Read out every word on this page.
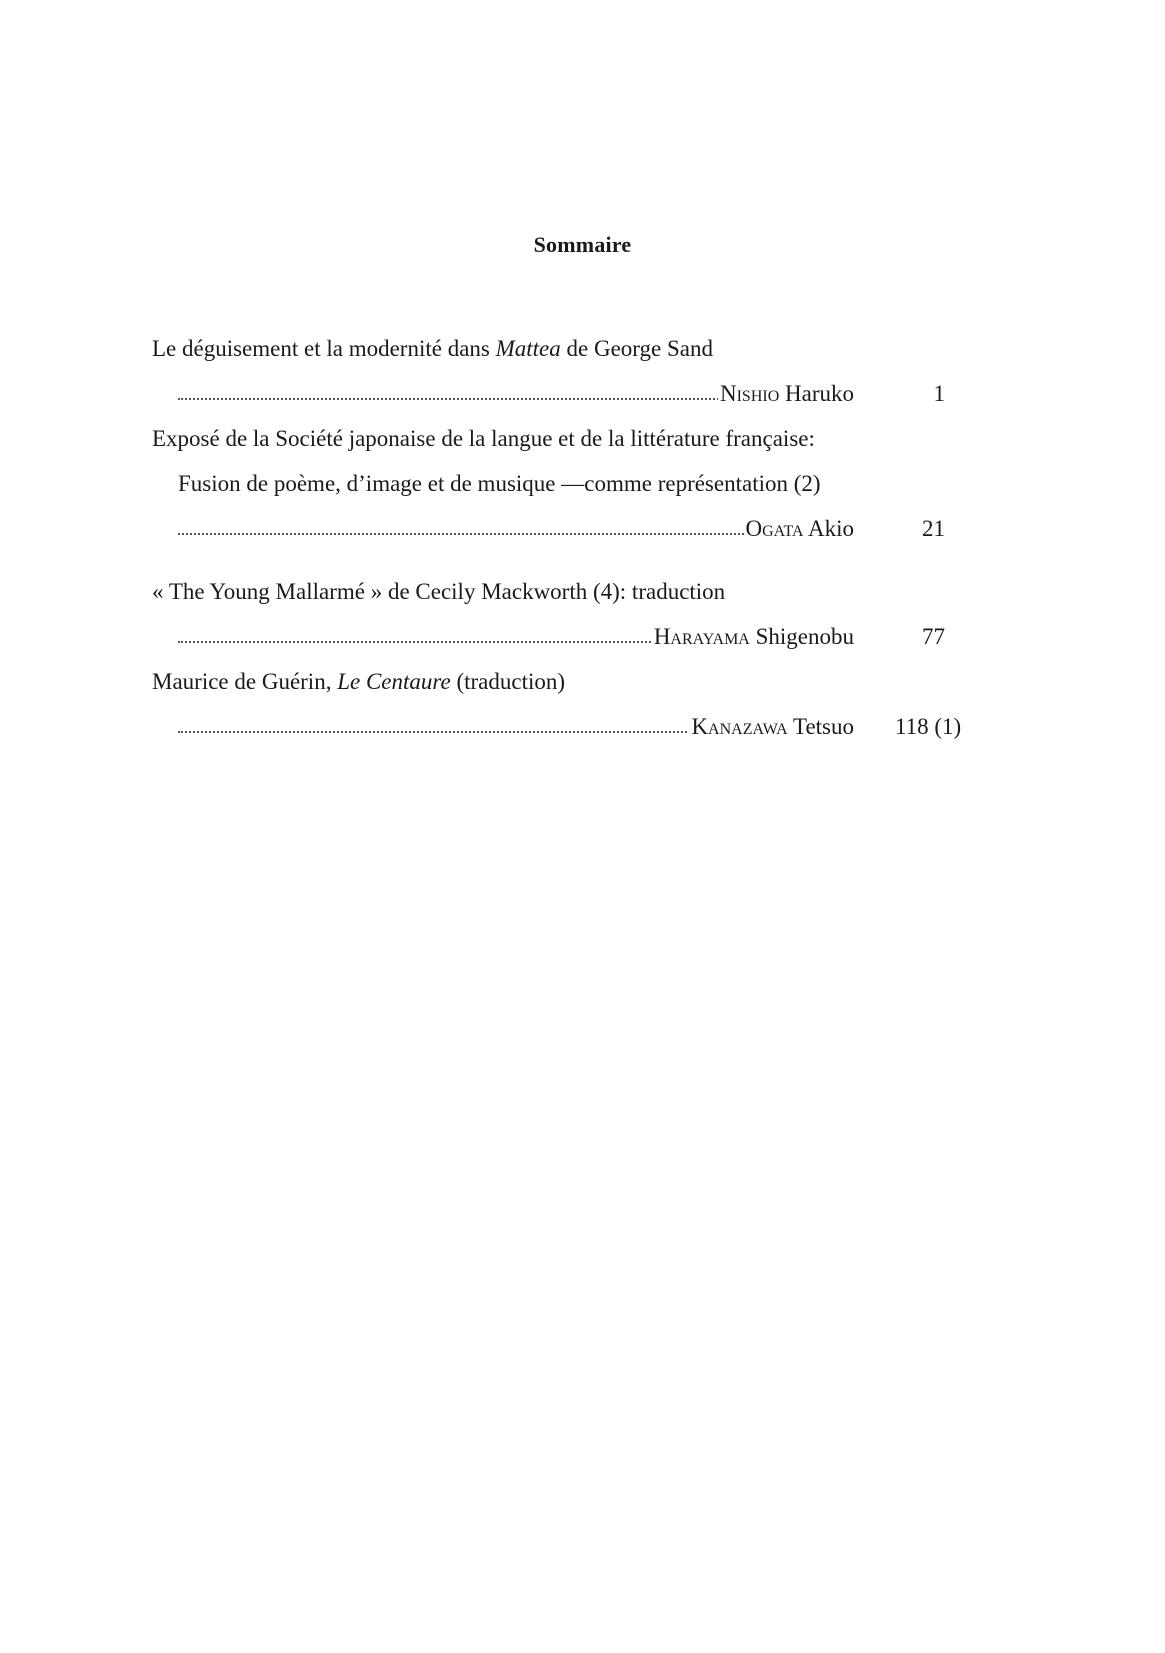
Sommaire
Le déguisement et la modernité dans Mattea de George Sand
Nishio Haruko	1
Exposé de la Société japonaise de la langue et de la littérature française:
Fusion de poème, d’image et de musique —comme représentation (2)
Ogata Akio	21
« The Young Mallarmé » de Cecily Mackworth (4): traduction
Harayama Shigenobu	77
Maurice de Guérin, Le Centaure (traduction)
Kanazawa Tetsuo 118 (1)
